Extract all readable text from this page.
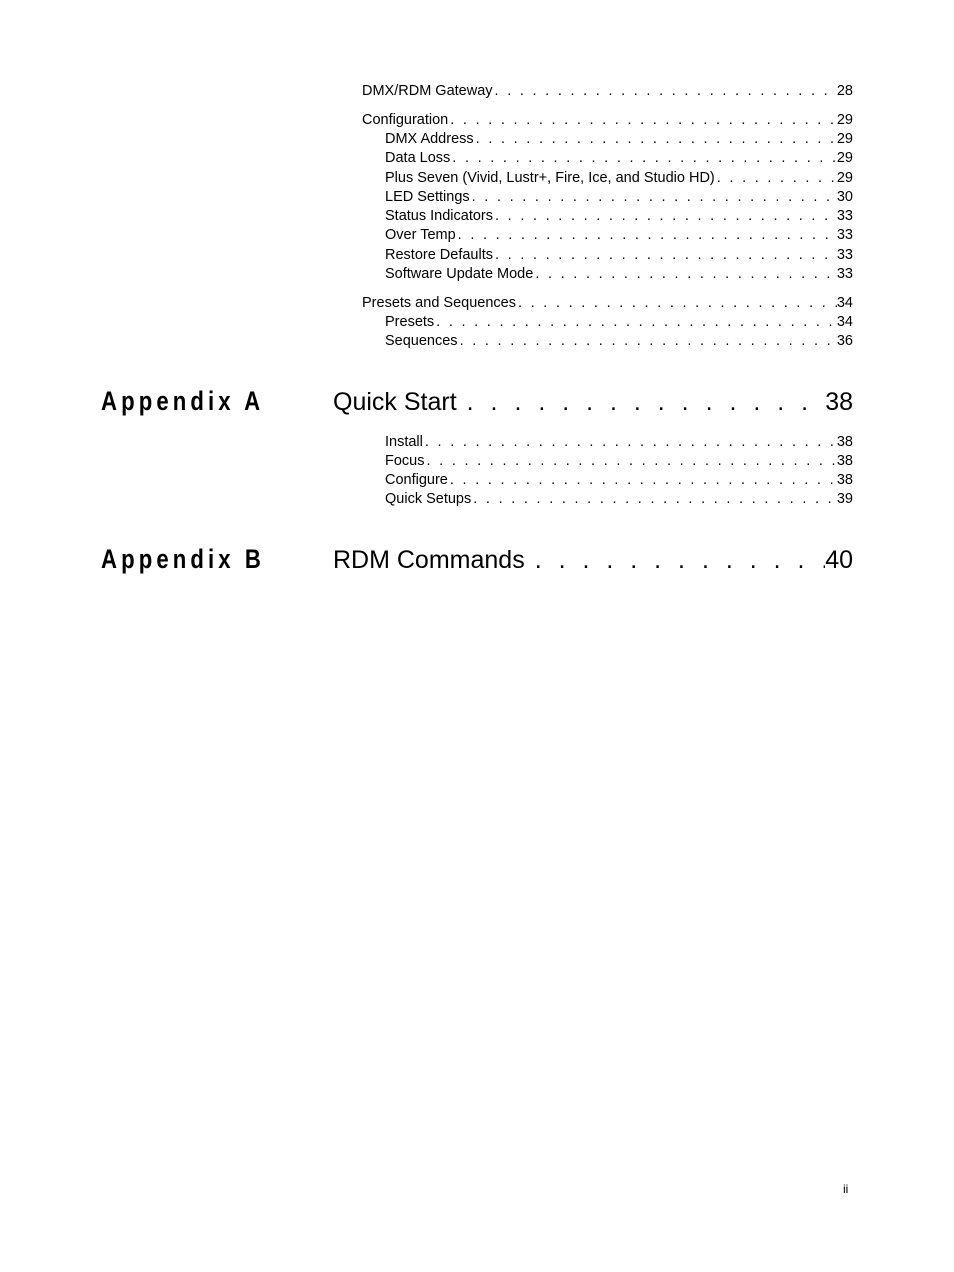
DMX/RDM Gateway . . .	28
Configuration . . .	29
DMX Address . . .	29
Data Loss . . .	29
Plus Seven (Vivid, Lustr+, Fire, Ice, and Studio HD) . . .	29
LED Settings . . .	30
Status Indicators . . .	33
Over Temp . . .	33
Restore Defaults . . .	33
Software Update Mode . . .	33
Presets and Sequences . . .	34
Presets . . .	34
Sequences . . .	36
Appendix A	Quick Start . . .	38
Install . . .	38
Focus . . .	38
Configure . . .	38
Quick Setups . . .	39
Appendix B	RDM Commands . . .	40
ii
